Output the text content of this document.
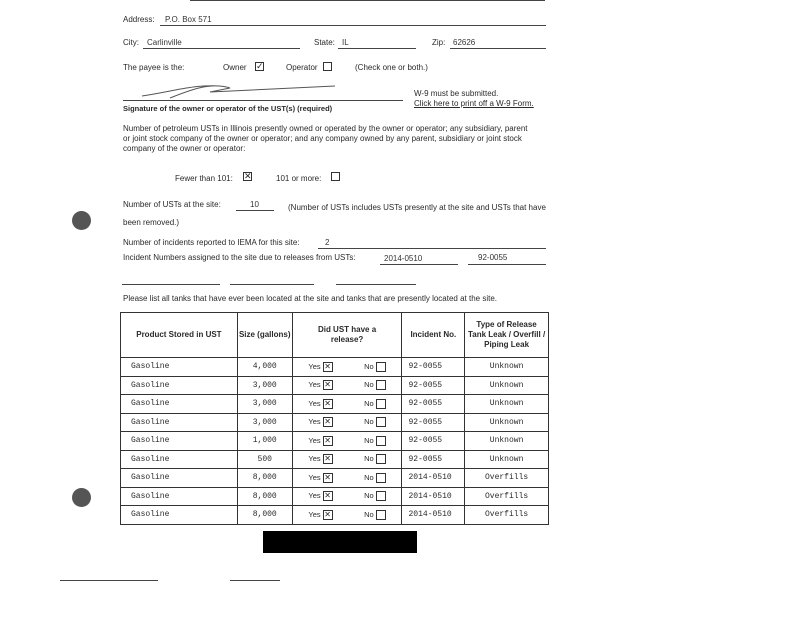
Address: P.O. Box 571
City: Carlinville	State: IL	Zip: 62626
The payee is the:	Owner ✓	Operator	(Check one or both.)
Signature of the owner or operator of the UST(s) (required)
W-9 must be submitted.
Click here to print off a W-9 Form.
Number of petroleum USTs in Illinois presently owned or operated by the owner or operator; any subsidiary, parent or joint stock company of the owner or operator; and any company owned by any parent, subsidiary or joint stock company of the owner or operator:
Fewer than 101: ✕	101 or more:
Number of USTs at the site:	10	(Number of USTs includes USTs presently at the site and USTs that have been removed.)
Number of incidents reported to IEMA for this site:	2
Incident Numbers assigned to the site due to releases from USTs:	2014-0510	92-0055
Please list all tanks that have ever been located at the site and tanks that are presently located at the site.
Product Stored in UST	Size (gallons)	Did UST have a release?	Incident No.	Type of Release Tank Leak / Overfill / Piping Leak
Gasoline	4,000	Yes ✕ No	92-0055	Unknown
Gasoline	3,000	Yes ✕ No	92-0055	Unknown
Gasoline	3,000	Yes ✕ No	92-0055	Unknown
Gasoline	3,000	Yes ✕ No	92-0055	Unknown
Gasoline	1,000	Yes ✕ No	92-0055	Unknown
Gasoline	500	Yes ✕ No	92-0055	Unknown
Gasoline	8,000	Yes ✕ No	2014-0510	Overfills
Gasoline	8,000	Yes ✕ No	2014-0510	Overfills
Gasoline	8,000	Yes ✕ No	2014-0510	Overfills
